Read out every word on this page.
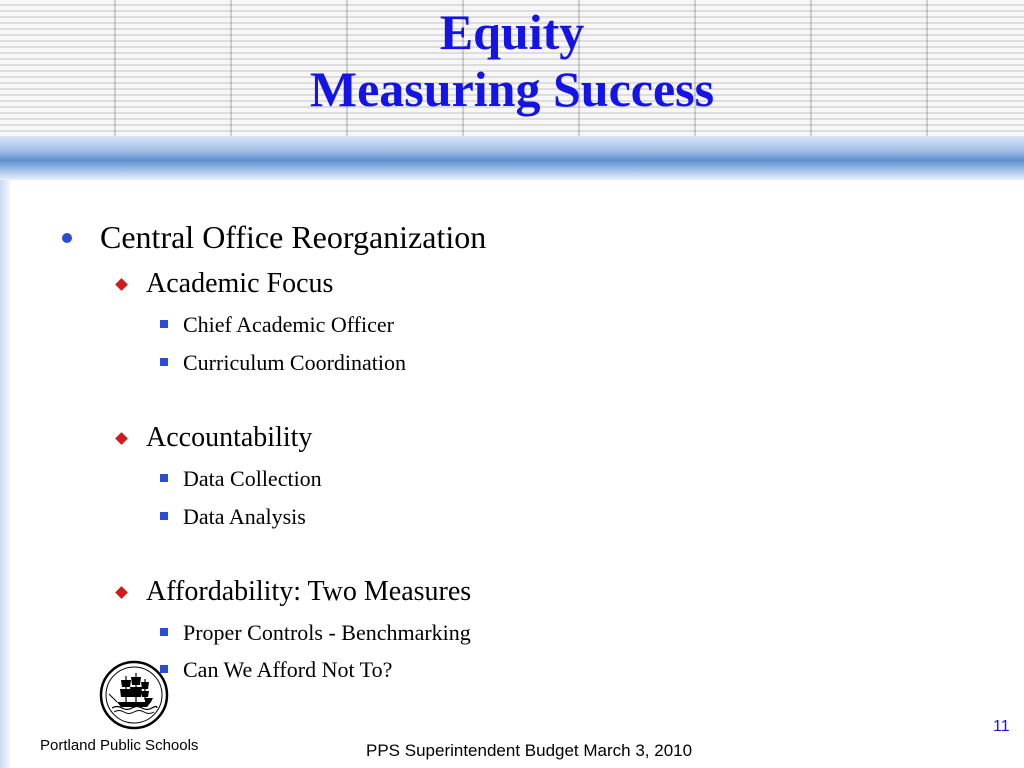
Equity
Measuring Success
Central Office Reorganization
Academic Focus
Chief Academic Officer
Curriculum Coordination
Accountability
Data Collection
Data Analysis
Affordability: Two Measures
Proper Controls - Benchmarking
Can We Afford Not To?
Portland Public Schools	PPS Superintendent Budget March 3, 2010
11
